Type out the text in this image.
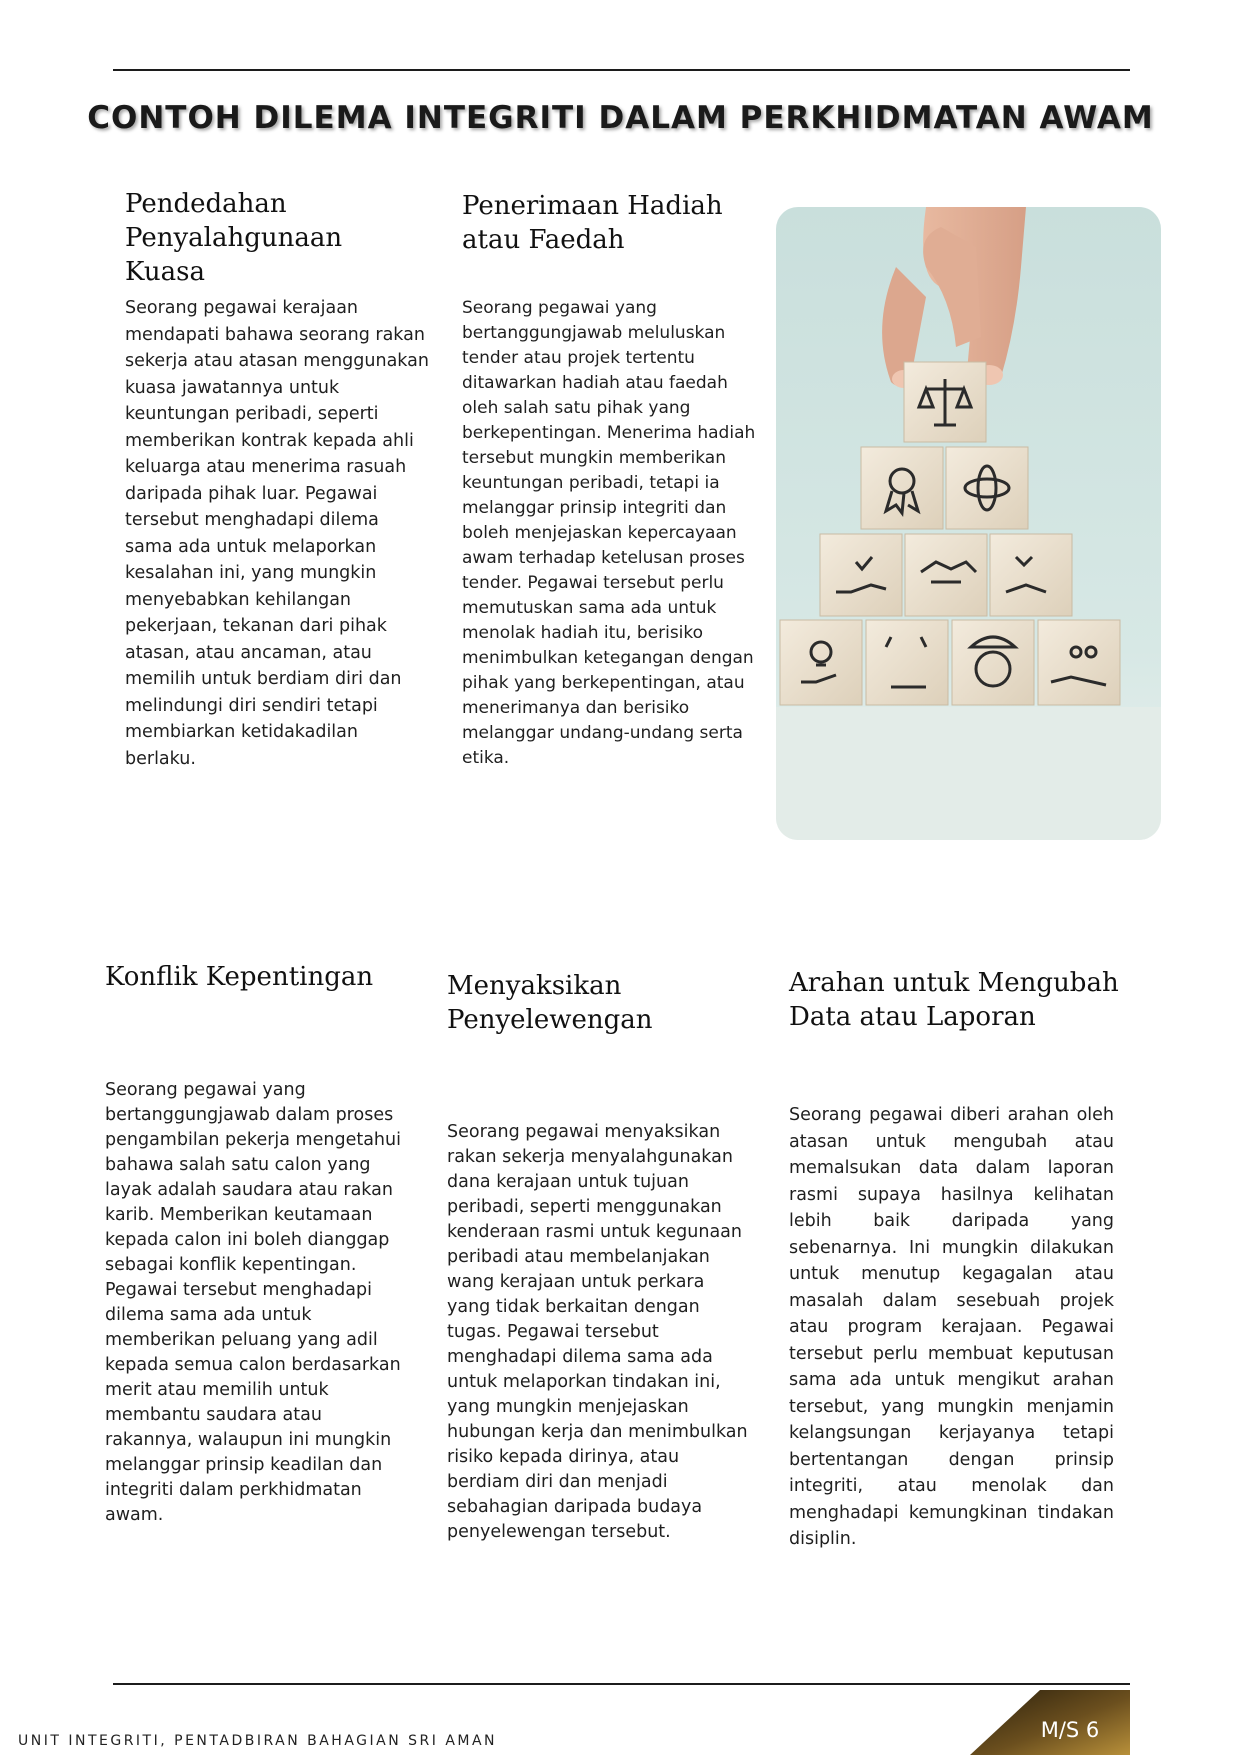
CONTOH DILEMA INTEGRITI DALAM PERKHIDMATAN AWAM
Pendedahan Penyalahgunaan Kuasa

Seorang pegawai kerajaan mendapati bahawa seorang rakan sekerja atau atasan menggunakan kuasa jawatannya untuk keuntungan peribadi, seperti memberikan kontrak kepada ahli keluarga atau menerima rasuah daripada pihak luar. Pegawai tersebut menghadapi dilema sama ada untuk melaporkan kesalahan ini, yang mungkin menyebabkan kehilangan pekerjaan, tekanan dari pihak atasan, atau ancaman, atau memilih untuk berdiam diri dan melindungi diri sendiri tetapi membiarkan ketidakadilan berlaku.

Penerimaan Hadiah atau Faedah

Seorang pegawai yang bertanggungjawab meluluskan tender atau projek tertentu ditawarkan hadiah atau faedah oleh salah satu pihak yang berkepentingan. Menerima hadiah tersebut mungkin memberikan keuntungan peribadi, tetapi ia melanggar prinsip integriti dan boleh menjejaskan kepercayaan awam terhadap ketelusan proses tender. Pegawai tersebut perlu memutuskan sama ada untuk menolak hadiah itu, berisiko menimbulkan ketegangan dengan pihak yang berkepentingan, atau menerimanya dan berisiko melanggar undang-undang serta etika.

Konflik Kepentingan

Seorang pegawai yang bertanggungjawab dalam proses pengambilan pekerja mengetahui bahawa salah satu calon yang layak adalah saudara atau rakan karib. Memberikan keutamaan kepada calon ini boleh dianggap sebagai konflik kepentingan. Pegawai tersebut menghadapi dilema sama ada untuk memberikan peluang yang adil kepada semua calon berdasarkan merit atau memilih untuk membantu saudara atau rakannya, walaupun ini mungkin melanggar prinsip keadilan dan integriti dalam perkhidmatan awam.

Menyaksikan Penyelewengan

Seorang pegawai menyaksikan rakan sekerja menyalahgunakan dana kerajaan untuk tujuan peribadi, seperti menggunakan kenderaan rasmi untuk kegunaan peribadi atau membelanjakan wang kerajaan untuk perkara yang tidak berkaitan dengan tugas. Pegawai tersebut menghadapi dilema sama ada untuk melaporkan tindakan ini, yang mungkin menjejaskan hubungan kerja dan menimbulkan risiko kepada dirinya, atau berdiam diri dan menjadi sebahagian daripada budaya penyelewengan tersebut.

Arahan untuk Mengubah Data atau Laporan

Seorang pegawai diberi arahan oleh atasan untuk mengubah atau memalsukan data dalam laporan rasmi supaya hasilnya kelihatan lebih baik daripada yang sebenarnya. Ini mungkin dilakukan untuk menutup kegagalan atau masalah dalam sesebuah projek atau program kerajaan. Pegawai tersebut perlu membuat keputusan sama ada untuk mengikut arahan tersebut, yang mungkin menjamin kelangsungan kerjayanya tetapi bertentangan dengan prinsip integriti, atau menolak dan menghadapi kemungkinan tindakan disiplin.

UNIT INTEGRITI, PENTADBIRAN BAHAGIAN SRI AMAN	M/S 6
